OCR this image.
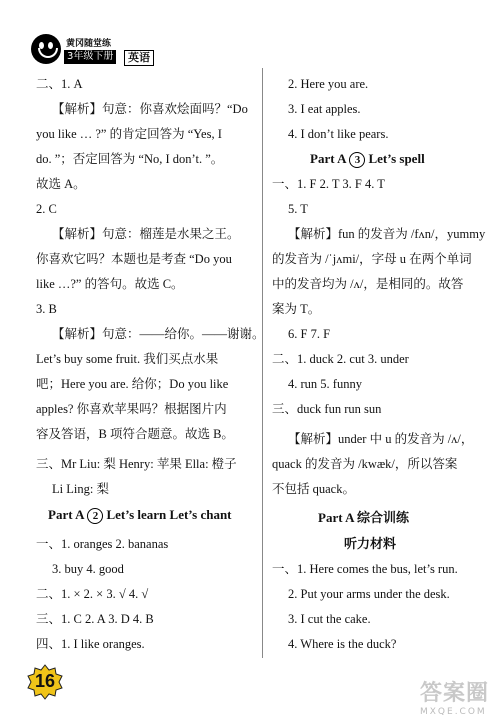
黄冈随堂练
3年级下册	英语
二、1. A
【解析】句意：你喜欢烩面吗？“Do
you like … ?” 的肯定回答为 “Yes, I
do. ”；否定回答为 “No, I don’t. ”。
故选 A。
2. C
【解析】句意：榴莲是水果之王。
你喜欢它吗？本题也是考查 “Do you
like …?” 的答句。故选 C。
3. B
【解析】句意：——给你。——谢谢。
Let’s buy some fruit. 我们买点水果
吧；Here you are. 给你；Do you like
apples? 你喜欢苹果吗？根据图片内
容及答语，B 项符合题意。故选 B。
三、Mr Liu: 梨 Henry: 苹果 Ella: 橙子
Li Ling: 梨
Part A 2 Let’s learn Let’s chant
一、1. oranges 2. bananas
3. buy 4. good
二、1. × 2. × 3. √ 4. √
三、1. C 2. A 3. D 4. B
四、1. I like oranges.
2. Here you are.
3. I eat apples.
4. I don’t like pears.
Part A 3 Let’s spell
一、1. F 2. T 3. F 4. T
5. T
【解析】fun 的发音为 /fʌn/，yummy
的发音为 /ˈjʌmi/，字母 u 在两个单词
中的发音均为 /ʌ/，是相同的。故答
案为 T。
6. F 7. F
二、1. duck 2. cut 3. under
4. run 5. funny
三、duck fun run sun
【解析】under 中 u 的发音为 /ʌ/，
quack 的发音为 /kwæk/，所以答案
不包括 quack。
Part A 综合训练
听力材料
一、1. Here comes the bus, let’s run.
2. Put your arms under the desk.
3. I cut the cake.
4. Where is the duck?
16	答案圈
MXQE.COM
